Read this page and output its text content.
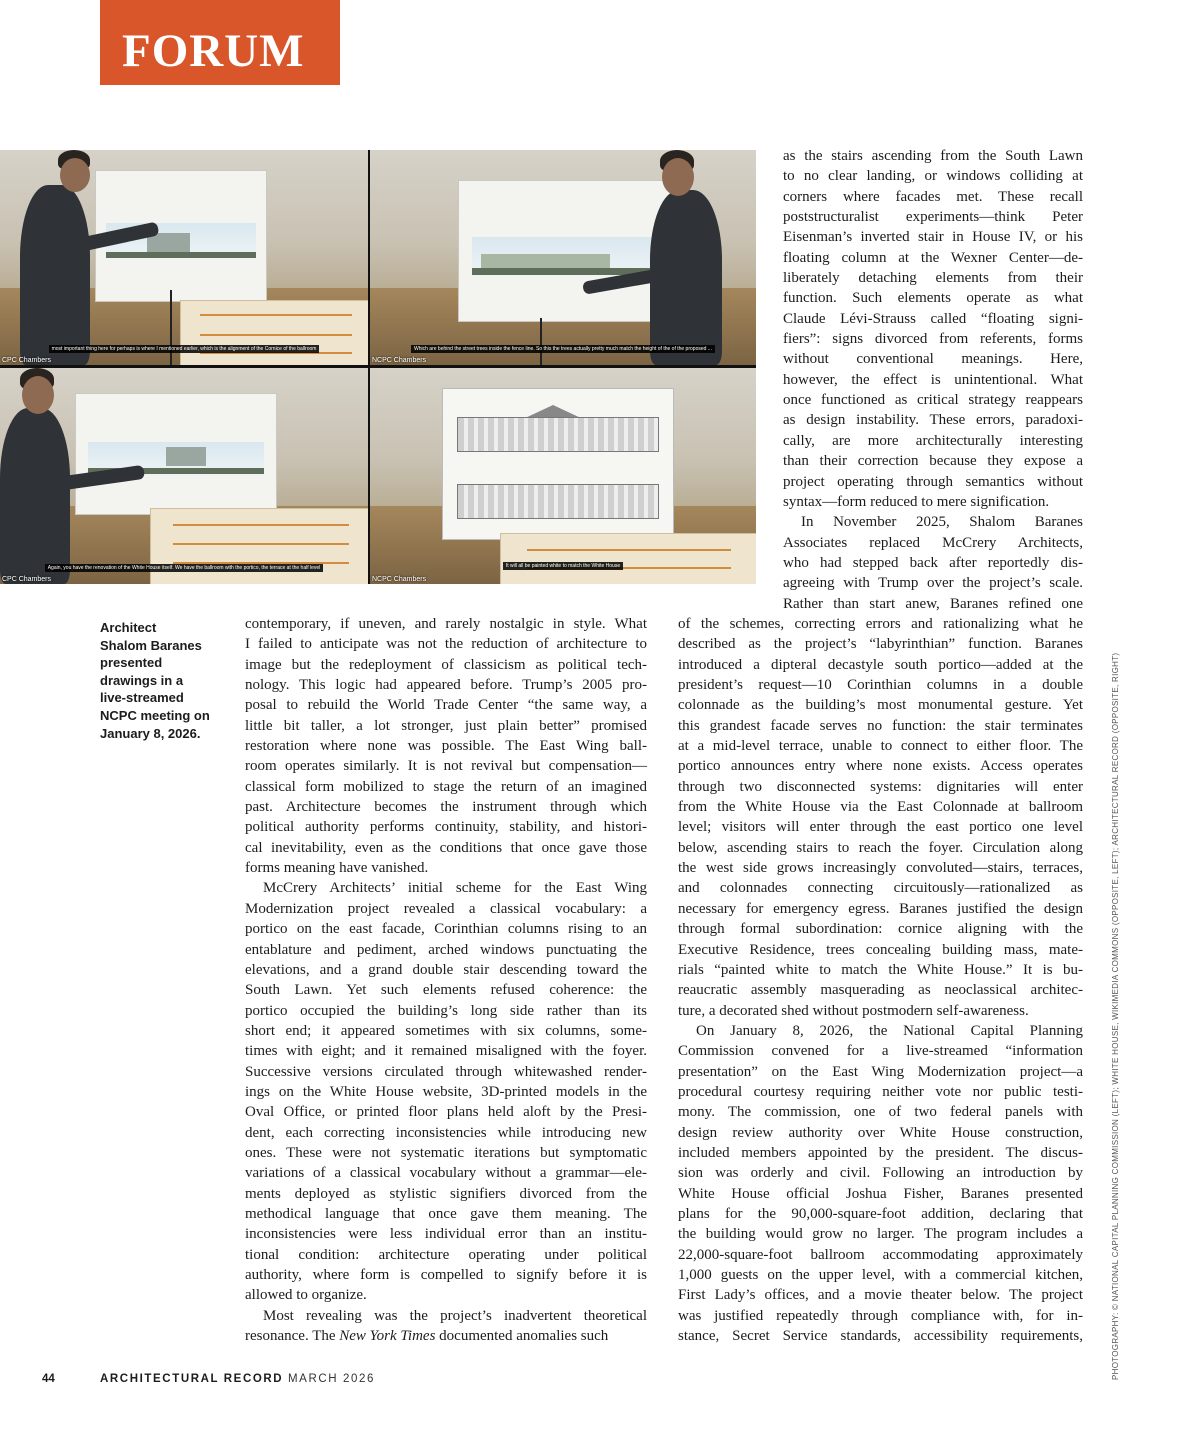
FORUM
most important thing here for perhaps is where I mentioned earlier, which is the alignment of the Cornice of the ballroom
CPC Chambers
Which are behind the street trees inside the fence line. So this the trees actually pretty much match the height of the of the proposed ...
NCPC Chambers
Again, you have the renovation of the White House itself. We have the ballroom with the portico, the terrace at the half level
CPC Chambers
It will all be painted white to match the White House
NCPC Chambers
Architect
Shalom Baranes
presented
drawings in a
live-streamed
NCPC meeting on
January 8, 2026.
contemporary, if uneven, and rarely nostalgic in style. What
I failed to anticipate was not the reduction of architecture to
image but the redeployment of classicism as political tech-
nology. This logic had appeared before. Trump’s 2005 pro-
posal to rebuild the World Trade Center “the same way, a
little bit taller, a lot stronger, just plain better” promised
restoration where none was possible. The East Wing ball-
room operates similarly. It is not revival but compensation—
classical form mobilized to stage the return of an imagined
past. Architecture becomes the instrument through which
political authority performs continuity, stability, and histori-
cal inevitability, even as the conditions that once gave those
forms meaning have vanished.
McCrery Architects’ initial scheme for the East Wing
Modernization project revealed a classical vocabulary: a
portico on the east facade, Corinthian columns rising to an
entablature and pediment, arched windows punctuating the
elevations, and a grand double stair descending toward the
South Lawn. Yet such elements refused coherence: the
portico occupied the building’s long side rather than its
short end; it appeared sometimes with six columns, some-
times with eight; and it remained misaligned with the foyer.
Successive versions circulated through whitewashed render-
ings on the White House website, 3D-printed models in the
Oval Office, or printed floor plans held aloft by the Presi-
dent, each correcting inconsistencies while introducing new
ones. These were not systematic iterations but symptomatic
variations of a classical vocabulary without a grammar—ele-
ments deployed as stylistic signifiers divorced from the
methodical language that once gave them meaning. The
inconsistencies were less individual error than an institu-
tional condition: architecture operating under political
authority, where form is compelled to signify before it is
allowed to organize.
Most revealing was the project’s inadvertent theoretical
resonance. The New York Times documented anomalies such
as the stairs ascending from the South Lawn
to no clear landing, or windows colliding at
corners where facades met. These recall
poststructuralist experiments—think Peter
Eisenman’s inverted stair in House IV, or his
floating column at the Wexner Center—de-
liberately detaching elements from their
function. Such elements operate as what
Claude Lévi-Strauss called “floating signi-
fiers”: signs divorced from referents, forms
without conventional meanings. Here,
however, the effect is unintentional. What
once functioned as critical strategy reappears
as design instability. These errors, paradoxi-
cally, are more architecturally interesting
than their correction because they expose a
project operating through semantics without
syntax—form reduced to mere signification.
In November 2025, Shalom Baranes
Associates replaced McCrery Architects,
who had stepped back after reportedly dis-
agreeing with Trump over the project’s scale.
Rather than start anew, Baranes refined one
of the schemes, correcting errors and rationalizing what he
described as the project’s “labyrinthian” function. Baranes
introduced a dipteral decastyle south portico—added at the
president’s request—10 Corinthian columns in a double
colonnade as the building’s most monumental gesture. Yet
this grandest facade serves no function: the stair terminates
at a mid-level terrace, unable to connect to either floor. The
portico announces entry where none exists. Access operates
through two disconnected systems: dignitaries will enter
from the White House via the East Colonnade at ballroom
level; visitors will enter through the east portico one level
below, ascending stairs to reach the foyer. Circulation along
the west side grows increasingly convoluted—stairs, terraces,
and colonnades connecting circuitously—rationalized as
necessary for emergency egress. Baranes justified the design
through formal subordination: cornice aligning with the
Executive Residence, trees concealing building mass, mate-
rials “painted white to match the White House.” It is bu-
reaucratic assembly masquerading as neoclassical architec-
ture, a decorated shed without postmodern self-awareness.
On January 8, 2026, the National Capital Planning
Commission convened for a live-streamed “information
presentation” on the East Wing Modernization project—a
procedural courtesy requiring neither vote nor public testi-
mony. The commission, one of two federal panels with
design review authority over White House construction,
included members appointed by the president. The discus-
sion was orderly and civil. Following an introduction by
White House official Joshua Fisher, Baranes presented
plans for the 90,000-square-foot addition, declaring that
the building would grow no larger. The program includes a
22,000-square-foot ballroom accommodating approximately
1,000 guests on the upper level, with a commercial kitchen,
First Lady’s offices, and a movie theater below. The project
was justified repeatedly through compliance with, for in-
stance, Secret Service standards, accessibility requirements,	PHOTOGRAPHY: © NATIONAL CAPITAL PLANNING COMMISSION (LEFT); WHITE HOUSE, WIKIMEDIA COMMONS (OPPOSITE, LEFT); ARCHITECTURAL RECORD (OPPOSITE, RIGHT)
44	ARCHITECTURAL RECORD MARCH 2026
